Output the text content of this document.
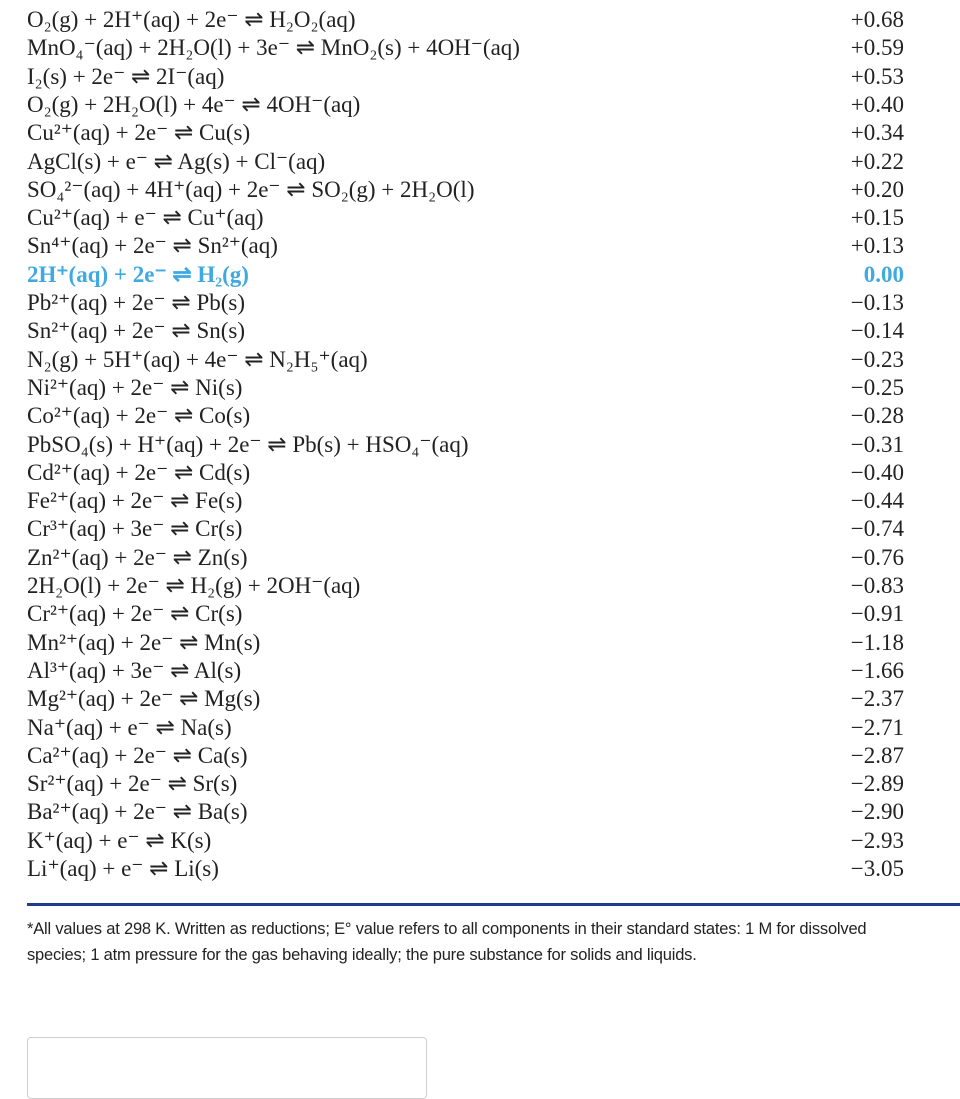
O₂(g) + 2H⁺(aq) + 2e⁻ ⇌ H₂O₂(aq)	+0.68
MnO₄⁻(aq) + 2H₂O(l) + 3e⁻ ⇌ MnO₂(s) + 4OH⁻(aq)	+0.59
I₂(s) + 2e⁻ ⇌ 2I⁻(aq)	+0.53
O₂(g) + 2H₂O(l) + 4e⁻ ⇌ 4OH⁻(aq)	+0.40
Cu²⁺(aq) + 2e⁻ ⇌ Cu(s)	+0.34
AgCl(s) + e⁻ ⇌ Ag(s) + Cl⁻(aq)	+0.22
SO₄²⁻(aq) + 4H⁺(aq) + 2e⁻ ⇌ SO₂(g) + 2H₂O(l)	+0.20
Cu²⁺(aq) + e⁻ ⇌ Cu⁺(aq)	+0.15
Sn⁴⁺(aq) + 2e⁻ ⇌ Sn²⁺(aq)	+0.13
2H⁺(aq) + 2e⁻ ⇌ H₂(g)	0.00
Pb²⁺(aq) + 2e⁻ ⇌ Pb(s)	−0.13
Sn²⁺(aq) + 2e⁻ ⇌ Sn(s)	−0.14
N₂(g) + 5H⁺(aq) + 4e⁻ ⇌ N₂H₅⁺(aq)	−0.23
Ni²⁺(aq) + 2e⁻ ⇌ Ni(s)	−0.25
Co²⁺(aq) + 2e⁻ ⇌ Co(s)	−0.28
PbSO₄(s) + H⁺(aq) + 2e⁻ ⇌ Pb(s) + HSO₄⁻(aq)	−0.31
Cd²⁺(aq) + 2e⁻ ⇌ Cd(s)	−0.40
Fe²⁺(aq) + 2e⁻ ⇌ Fe(s)	−0.44
Cr³⁺(aq) + 3e⁻ ⇌ Cr(s)	−0.74
Zn²⁺(aq) + 2e⁻ ⇌ Zn(s)	−0.76
2H₂O(l) + 2e⁻ ⇌ H₂(g) + 2OH⁻(aq)	−0.83
Cr²⁺(aq) + 2e⁻ ⇌ Cr(s)	−0.91
Mn²⁺(aq) + 2e⁻ ⇌ Mn(s)	−1.18
Al³⁺(aq) + 3e⁻ ⇌ Al(s)	−1.66
Mg²⁺(aq) + 2e⁻ ⇌ Mg(s)	−2.37
Na⁺(aq) + e⁻ ⇌ Na(s)	−2.71
Ca²⁺(aq) + 2e⁻ ⇌ Ca(s)	−2.87
Sr²⁺(aq) + 2e⁻ ⇌ Sr(s)	−2.89
Ba²⁺(aq) + 2e⁻ ⇌ Ba(s)	−2.90
K⁺(aq) + e⁻ ⇌ K(s)	−2.93
Li⁺(aq) + e⁻ ⇌ Li(s)	−3.05

*All values at 298 K. Written as reductions; E° value refers to all components in their standard states: 1 M for dissolved species; 1 atm pressure for the gas behaving ideally; the pure substance for solids and liquids.
